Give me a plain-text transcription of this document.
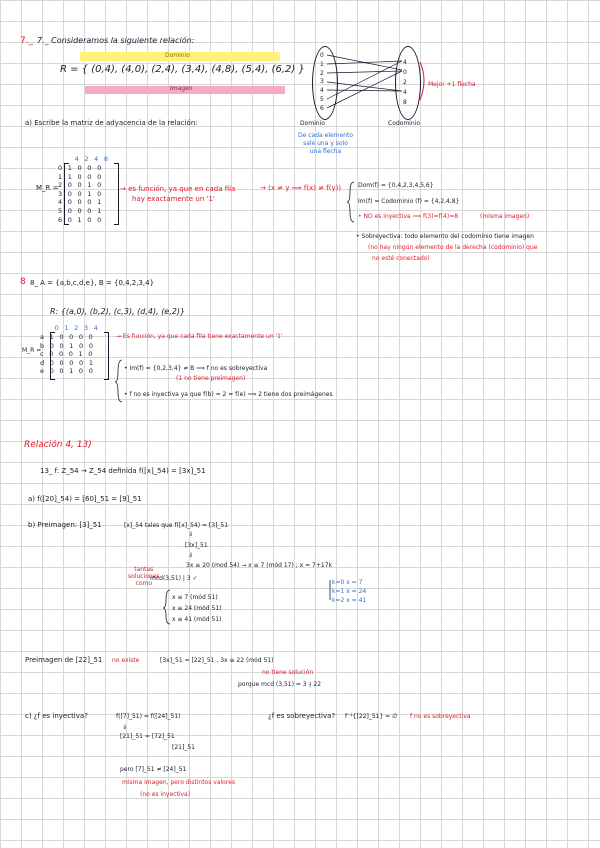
7._ 7._ Consideramos la siguiente relación:
Dominio
Imagen
R = { (0,4), (4,0), (2,4), (3,4), (4,8), (5,4), (6,2) }
0
1
2
3
4
5
6
4
0
2
4
8
Dominio	Codominio
Mejor +1 flecha
De cada elemento
sale una y solo
una flecha
a) Escribe la matriz de adyacencia de la relación:
M_R =
4  2  4  8
0  1  0  0  0
1  1  0  0  0
2  0  0  1  0
3  0  0  1  0
4  0  0  0  1
5  0  0  0  1
6  0  1  0  0
→ es función, ya que en cada fila
hay exactamente un '1'
→ (x ≠ y ⟹ f(x) ≠ f(y))	Dom(f) = {0,4,2,3,4,5,6}
Im(f) = Codominio (f) = {4,2,4,8}
• NO es inyectiva ⟹ f(3)=f(4)=8	(misma imagen)
• Sobreyectiva: todo elemento del codominio tiene imagen
(no hay ningún elemento de la derecha (codominio) que
no esté conectado)
8 8_ A = {a,b,c,d,e}, B = {0,4,2,3,4}
R: {(a,0), (b,2), (c,3), (d,4), (e,2)}
M_R =
0  1  2  3  4
a  1  0  0  0  0
b  0  0  1  0  0
c  0  0  0  1  0
d  0  0  0  0  1
e  0  0  1  0  0
→ Es función, ya que cada fila tiene exactamente un '1'
• Im(f) = {0,2,3,4} ≠ B ⟹ f no es sobreyectiva
(1 no tiene preimagen)
• f no es inyectiva ya que f(b) = 2 = f(e) ⟹ 2 tiene dos preimágenes
Relación 4, 13)
13_ f: Z_54 → Z_54 definida f([x]_54) = [3x]_51
a) f([20]_54) = [60]_51 = [9]_51
b) Preimagen: [3]_51	[x]_54 tales que f([x]_54) = [3]_51
⇓
[3x]_51
⇓
3x ≡ 20 (mod 54) → x ≡ 7 (mód 17) ; x = 7+17k
tantas
soluciones
como
mcd(3,51) | 3 ✓
x ≡ 7 (mód 51)
x ≡ 24 (mód 51)
x ≡ 41 (mód 51)
k=0 x = 7
k=1 x = 24
k=2 x = 41
Preimagen de [22]_51 no existe	[3x]_51 = [22]_51 , 3x ≡ 22 (mód 51)
no tiene solución
porque mcd (3,51) = 3 ∤ 22
c) ¿f es inyectiva?	f([7]_51) = f([24]_51)
⇓
[21]_51 = [72]_51
[21]_51
pero [7]_51 ≠ [24]_51
misma imagen, pero distintos valores
(no es inyectiva)
¿f es sobreyectiva? f⁻¹{[22]_51} = ∅ f no es sobreyectiva
